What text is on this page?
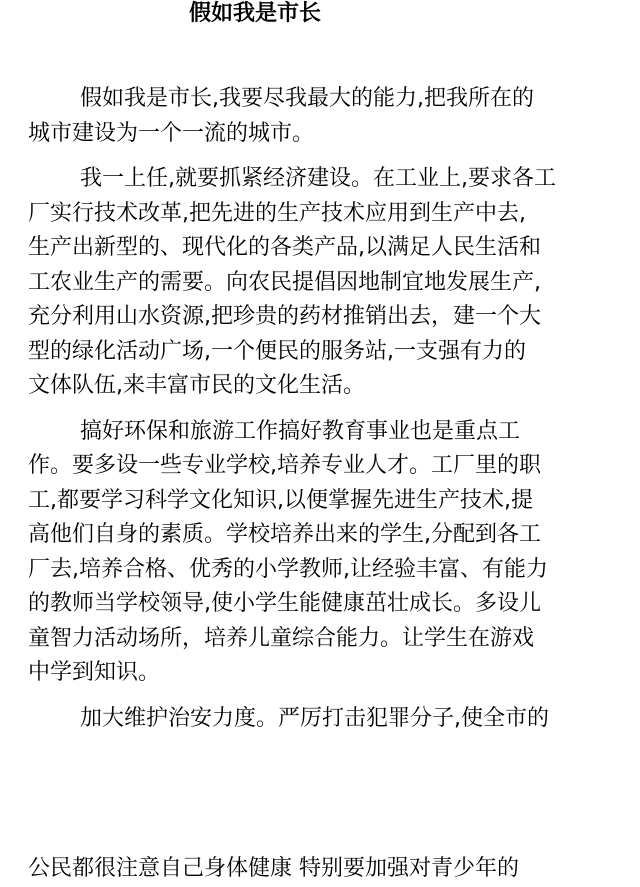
假如我是市长

假如我是市长,我要尽我最大的能力,把我所在的
城市建设为一个一流的城市。

我一上任,就要抓紧经济建设。在工业上,要求各工
厂实行技术改革,把先进的生产技术应用到生产中去,
生产出新型的、现代化的各类产品,以满足人民生活和
工农业生产的需要。向农民提倡因地制宜地发展生产,
充分利用山水资源,把珍贵的药材推销出去，建一个大
型的绿化活动广场,一个便民的服务站,一支强有力的
文体队伍,来丰富市民的文化生活。

搞好环保和旅游工作搞好教育事业也是重点工
作。要多设一些专业学校,培养专业人才。工厂里的职
工,都要学习科学文化知识,以便掌握先进生产技术,提
高他们自身的素质。学校培养出来的学生,分配到各工
厂去,培养合格、优秀的小学教师,让经验丰富、有能力
的教师当学校领导,使小学生能健康茁壮成长。多设儿
童智力活动场所，培养儿童综合能力。让学生在游戏
中学到知识。

加大维护治安力度。严厉打击犯罪分子,使全市的

公民都很注意自己身体健康 特别要加强对青少年的
